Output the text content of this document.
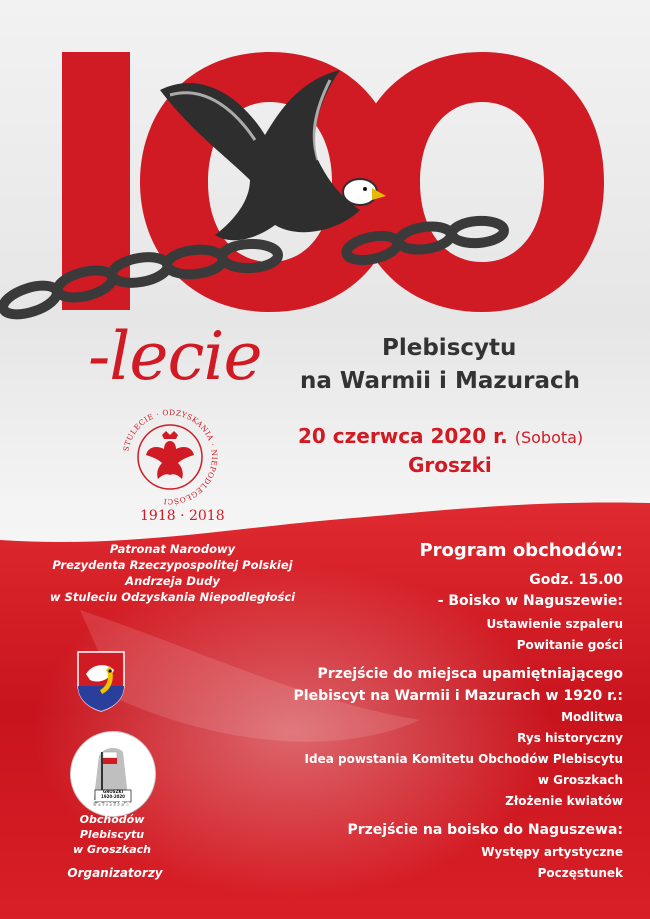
-lecie	Plebiscytu
na Warmii i Mazurach
20 czerwca 2020 r. (Sobota)
Groszki
STULECIE · ODZYSKANIA · NIEPODLEGŁOŚCI
1918 · 2018
Patronat Narodowy
Prezydenta Rzeczypospolitej Polskiej
Andrzeja Dudy
w Stuleciu Odzyskania Niepodległości
Program obchodów:
Godz. 15.00
- Boisko w Naguszewie:
Ustawienie szpaleru
Powitanie gości
Przejście do miejsca upamiętniającego
Plebiscyt na Warmii i Mazurach w 1920 r.:
Modlitwa
Rys historyczny
Idea powstania Komitetu Obchodów Plebiscytu
w Groszkach
Złożenie kwiatów
Przejście na boisko do Naguszewa:
Występy artystyczne
Poczęstunek
GROSZKI
1920-2020
Komitet
Obchodów
Plebiscytu
w Groszkach
Organizatorzy
